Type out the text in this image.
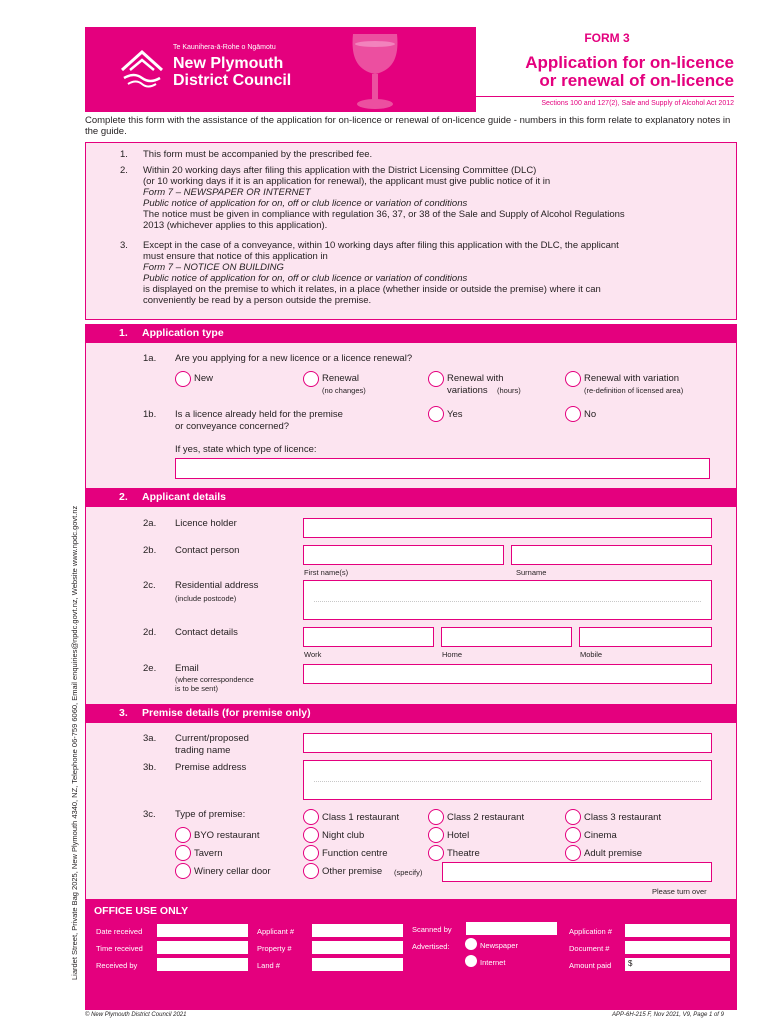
Te Kaunihera-ā-Rohe o Ngāmotu
New Plymouth
District Council
FORM 3
Application for on-licence
or renewal of on-licence
Sections 100 and 127(2), Sale and Supply of Alcohol Act 2012
Complete this form with the assistance of the application for on-licence or renewal of on-licence guide - numbers in this form relate to explanatory notes in the guide.
1. This form must be accompanied by the prescribed fee.
2. Within 20 working days after filing this application with the District Licensing Committee (DLC)
(or 10 working days if it is an application for renewal), the applicant must give public notice of it in
Form 7 – NEWSPAPER OR INTERNET
Public notice of application for on, off or club licence or variation of conditions
The notice must be given in compliance with regulation 36, 37, or 38 of the Sale and Supply of Alcohol Regulations
2013 (whichever applies to this application).
3. Except in the case of a conveyance, within 10 working days after filing this application with the DLC, the applicant
must ensure that notice of this application in
Form 7 – NOTICE ON BUILDING
Public notice of application for on, off or club licence or variation of conditions
is displayed on the premise to which it relates, in a place (whether inside or outside the premise) where it can
conveniently be read by a person outside the premise.
1. Application type
1a. Are you applying for a new licence or a licence renewal?
New	Renewal
(no changes)
Renewal with
variations (hours)
Renewal with variation
(re-definition of licensed area)
1b. Is a licence already held for the premise
or conveyance concerned?
Yes	No
If yes, state which type of licence:
2. Applicant details
2a. Licence holder
2b. Contact person
First name(s)	Surname
2c. Residential address
(include postcode)
2d. Contact details
Work	Home	Mobile
2e. Email
(where correspondence
is to be sent)
3. Premise details (for premise only)
3a. Current/proposed
trading name
3b. Premise address
3c. Type of premise:	Class 1 restaurant	Class 2 restaurant	Class 3 restaurant
BYO restaurant	Night club	Hotel	Cinema
Tavern	Function centre	Theatre	Adult premise
Winery cellar door	Other premise (specify)
Please turn over
OFFICE USE ONLY
Date received
Time received
Received by
Applicant #
Property #
Land #
Scanned by
Advertised:	Newspaper
Internet
Application #
Document #
Amount paid $
Liardet Street, Private Bag 2025, New Plymouth 4340, NZ, Telephone 06-759 6060, Email enquiries@npdc.govt.nz, Website www.npdc.govt.nz
© New Plymouth District Council 2021	APP-6H-215 F, Nov 2021, V9, Page 1 of 9
